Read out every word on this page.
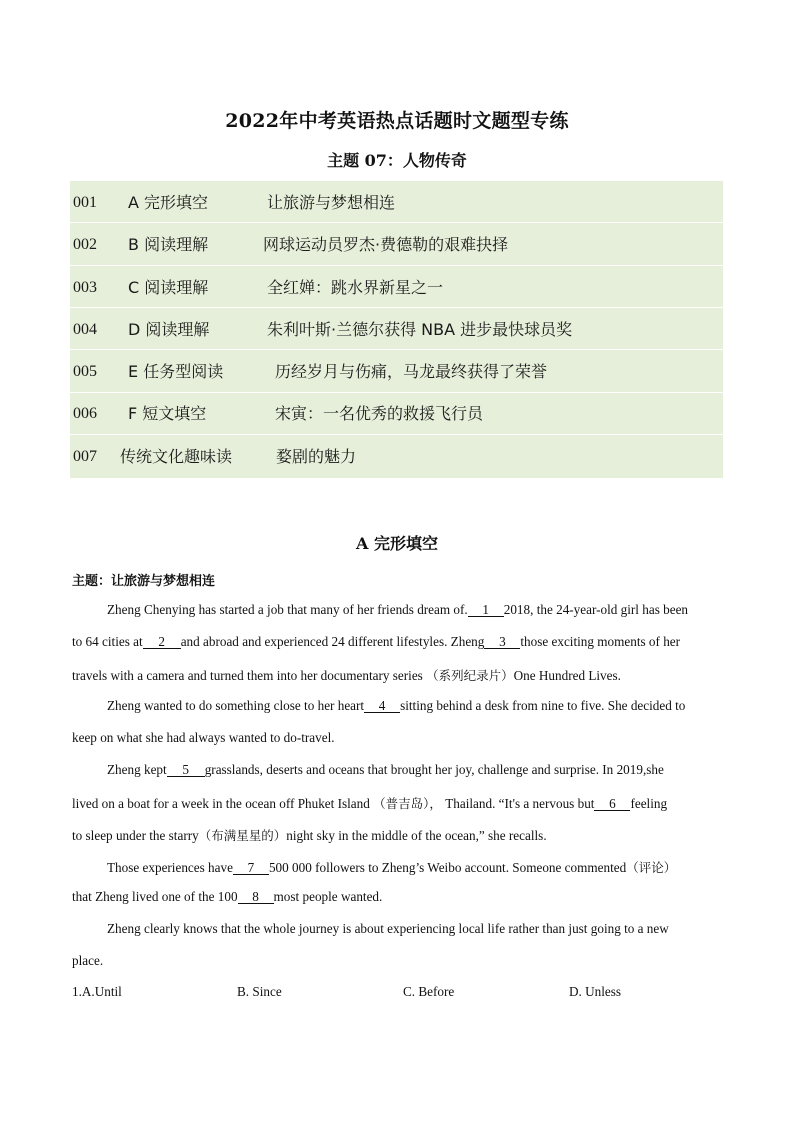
2022年中考英语热点话题时文题型专练
主题 07：人物传奇
001 A 完形填空	让旅游与梦想相连
002 B 阅读理解	网球运动员罗杰·费德勒的艰难抉择
003 C 阅读理解	全红婵：跳水界新星之一
004 D 阅读理解	朱利叶斯·兰德尔获得 NBA 进步最快球员奖
005 E 任务型阅读	历经岁月与伤痛，马龙最终获得了荣誉
006 F 短文填空	宋寅：一名优秀的救援飞行员
007 传统文化趣味读	婺剧的魅力
A 完形填空
主题：让旅游与梦想相连
Zheng Chenying has started a job that many of her friends dream of. 1 2018, the 24-year-old girl has been
to 64 cities at 2 and abroad and experienced 24 different lifestyles. Zheng 3 those exciting moments of her
travels with a camera and turned them into her documentary series （系列纪录片）One Hundred Lives.
Zheng wanted to do something close to her heart 4 sitting behind a desk from nine to five. She decided to
keep on what she had always wanted to do-travel.
Zheng kept 5 grasslands, deserts and oceans that brought her joy, challenge and surprise. In 2019,she
lived on a boat for a week in the ocean off Phuket Island （普吉岛）， Thailand. “It's a nervous but 6 feeling
to sleep under the starry（布满星星的）night sky in the middle of the ocean,” she recalls.
Those experiences have 7 500 000 followers to Zheng’s Weibo account. Someone commented（评论）
that Zheng lived one of the 100 8 most people wanted.
Zheng clearly knows that the whole journey is about experiencing local life rather than just going to a new
place.
1.A.Until	B. Since	C. Before	D. Unless
